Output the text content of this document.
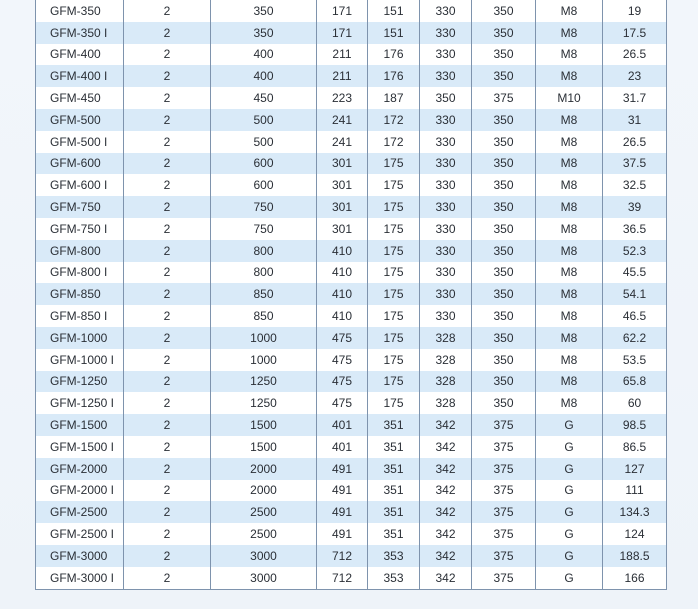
GFM-350	2	350	171	151	330	350	M8	19
GFM-350 I	2	350	171	151	330	350	M8	17.5
GFM-400	2	400	211	176	330	350	M8	26.5
GFM-400 I	2	400	211	176	330	350	M8	23
GFM-450	2	450	223	187	350	375	M10	31.7
GFM-500	2	500	241	172	330	350	M8	31
GFM-500 I	2	500	241	172	330	350	M8	26.5
GFM-600	2	600	301	175	330	350	M8	37.5
GFM-600 I	2	600	301	175	330	350	M8	32.5
GFM-750	2	750	301	175	330	350	M8	39
GFM-750 I	2	750	301	175	330	350	M8	36.5
GFM-800	2	800	410	175	330	350	M8	52.3
GFM-800 I	2	800	410	175	330	350	M8	45.5
GFM-850	2	850	410	175	330	350	M8	54.1
GFM-850 I	2	850	410	175	330	350	M8	46.5
GFM-1000	2	1000	475	175	328	350	M8	62.2
GFM-1000 I	2	1000	475	175	328	350	M8	53.5
GFM-1250	2	1250	475	175	328	350	M8	65.8
GFM-1250 I	2	1250	475	175	328	350	M8	60
GFM-1500	2	1500	401	351	342	375	G	98.5
GFM-1500 I	2	1500	401	351	342	375	G	86.5
GFM-2000	2	2000	491	351	342	375	G	127
GFM-2000 I	2	2000	491	351	342	375	G	111
GFM-2500	2	2500	491	351	342	375	G	134.3
GFM-2500 I	2	2500	491	351	342	375	G	124
GFM-3000	2	3000	712	353	342	375	G	188.5
GFM-3000 I	2	3000	712	353	342	375	G	166
